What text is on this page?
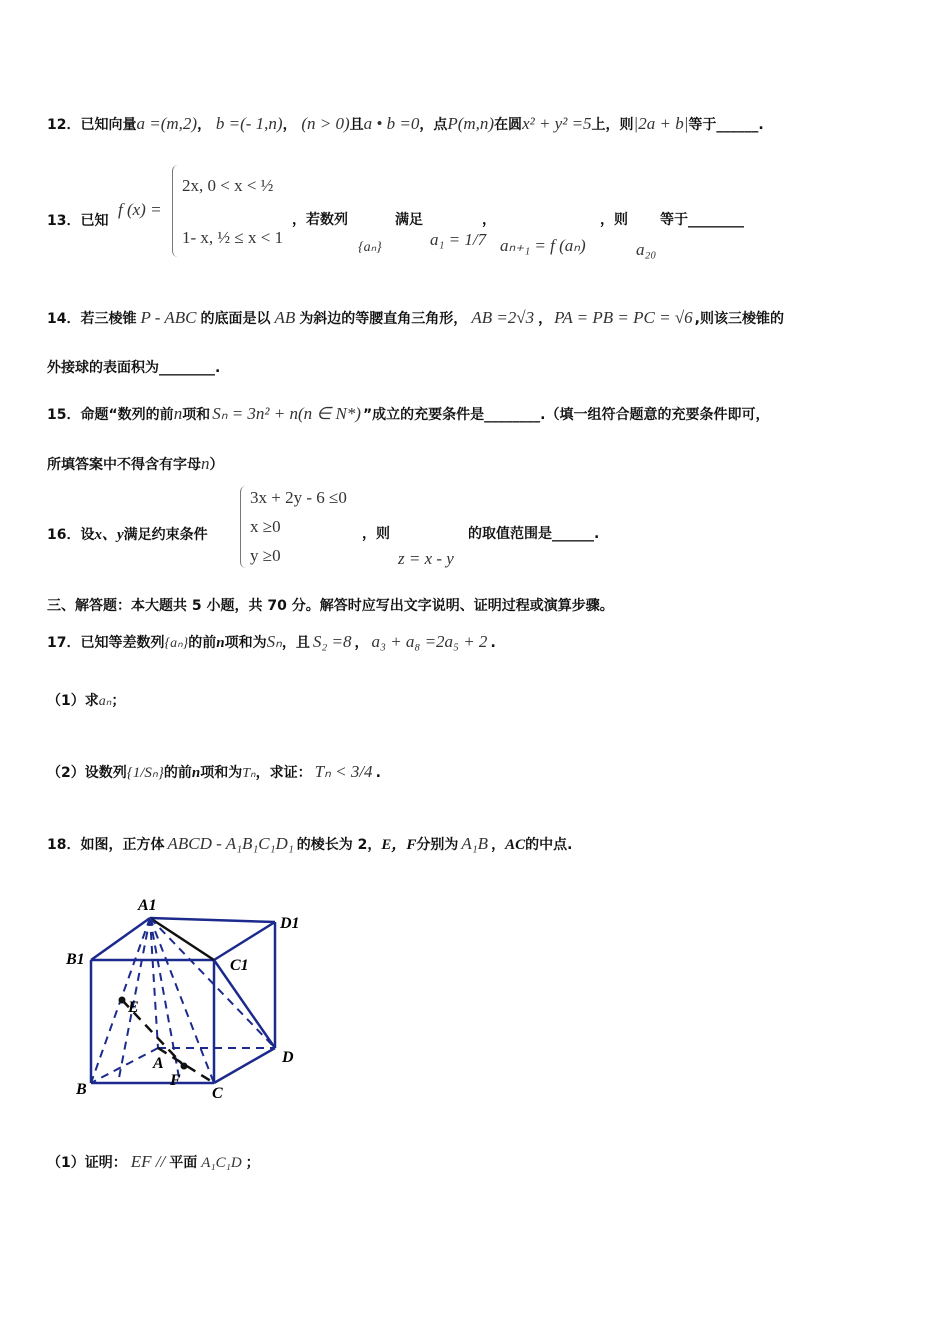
12．已知向量a =(m,2)， b =(- 1,n)， (n > 0)且a • b =0，点P(m,n)在圆x² + y² =5上，则|2a + b|等于______.
13．已知
f (x) =
2x, 0 < x < ½
1- x, ½ ≤ x < 1
，若数列	满足
{aₙ}	a₁ = 1/7
，
aₙ₊₁ = f (aₙ)
，则
a₂₀
等于________
14．若三棱锥 P - ABC 的底面是以 AB 为斜边的等腰直角三角形， AB =2√3 ， PA = PB = PC = √6 ,则该三棱锥的
外接球的表面积为________.
15．命题“数列的前n项和 Sₙ = 3n² + n(n ∈ N*) ”成立的充要条件是________.（填一组符合题意的充要条件即可，
所填答案中不得含有字母n）
16．设x、y满足约束条件
3x + 2y - 6 ≤0
x ≥0
y ≥0
，则
z = x - y
的取值范围是______.
三、解答题：本大题共 5 小题，共 70 分。解答时应写出文字说明、证明过程或演算步骤。
17．已知等差数列{aₙ}的前n项和为Sₙ，且 S₂ =8 ， a₃ + a₈ =2a₅ + 2 .
（1）求aₙ；
（2）设数列{1/Sₙ}的前n项和为Tₙ，求证： Tₙ < 3/4 .
18．如图，正方体 ABCD - A₁B₁C₁D₁ 的棱长为 2，E，F分别为 A₁B ，AC的中点.
A1
B1	C1
D1
E
A
F
B	C
D
（1）证明： EF // 平面 A₁C₁D ；
